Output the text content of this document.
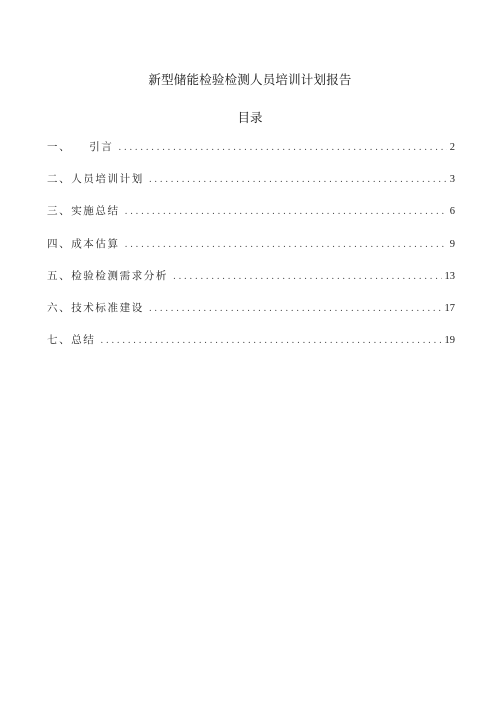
新型储能检验检测人员培训计划报告
目录
一、 引言 .....	2
二、人员培训计划 .....	3
三、实施总结 .....	6
四、成本估算 .....	9
五、检验检测需求分析 .....	13
六、技术标准建设 .....	17
七、总结 .....	19
